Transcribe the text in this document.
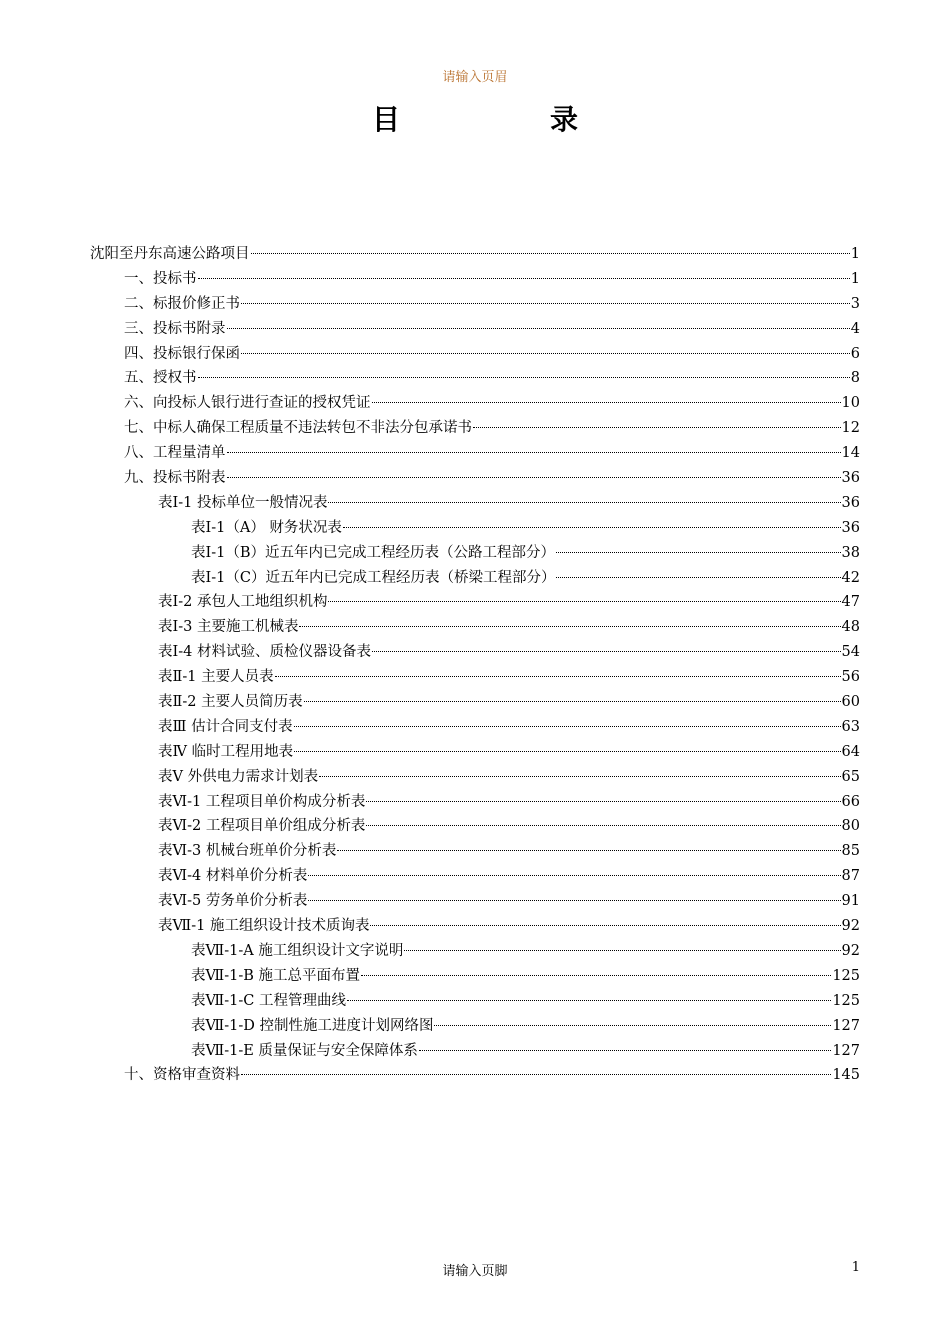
请输入页眉
目	录
沈阳至丹东高速公路项目	1
一、投标书	1
二、标报价修正书	3
三、投标书附录	4
四、投标银行保函	6
五、授权书	8
六、向投标人银行进行查证的授权凭证	10
七、中标人确保工程质量不违法转包不非法分包承诺书	12
八、工程量清单	14
九、投标书附表	36
表I-1 投标单位一般情况表	36
表I-1（A） 财务状况表	36
表I-1（B）近五年内已完成工程经历表（公路工程部分）	38
表I-1（C）近五年内已完成工程经历表（桥梁工程部分）	42
表I-2 承包人工地组织机构	47
表I-3 主要施工机械表	48
表I-4 材料试验、质检仪器设备表	54
表Ⅱ-1 主要人员表	56
表Ⅱ-2 主要人员简历表	60
表Ⅲ 估计合同支付表	63
表Ⅳ 临时工程用地表	64
表Ⅴ 外供电力需求计划表	65
表Ⅵ-1 工程项目单价构成分析表	66
表Ⅵ-2 工程项目单价组成分析表	80
表Ⅵ-3 机械台班单价分析表	85
表Ⅵ-4 材料单价分析表	87
表Ⅵ-5 劳务单价分析表	91
表Ⅶ-1 施工组织设计技术质询表	92
表Ⅶ-1-A 施工组织设计文字说明	92
表Ⅶ-1-B 施工总平面布置	125
表Ⅶ-1-C 工程管理曲线	125
表Ⅶ-1-D 控制性施工进度计划网络图	127
表Ⅶ-1-E 质量保证与安全保障体系	127
十、资格审查资料	145
请输入页脚	1
